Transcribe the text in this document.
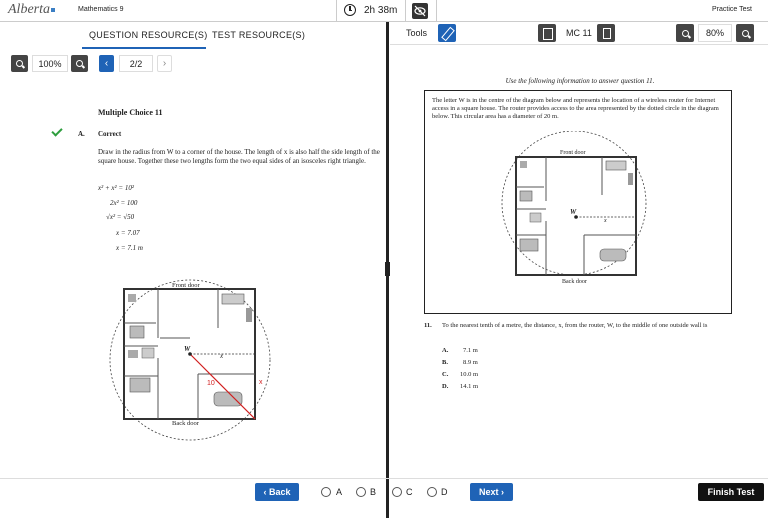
Alberta	Mathematics 9	2h 38m	Practice Test
QUESTION RESOURCE(S) TEST RESOURCE(S)
100%	‹	2/2	›
Multiple Choice 11
A. Correct
Draw in the radius from W to a corner of the house. The length of x is also half the side length of the square house. Together these two lengths form the two equal sides of an isosceles right triangle.
x² + x² = 10²
2x² = 100
√x² = √50
x = 7.07
x = 7.1 m
W
x
10	x
Front door
Back door
Tools	MC 11	80%
Use the following information to answer question 11.
The letter W is in the centre of the diagram below and represents the location of a wireless router for Internet access in a square house. The router provides access to the area represented by the dotted circle in the diagram below. This circular area has a diameter of 20 m.
W
x
Front door
Back door
11. To the nearest tenth of a metre, the distance, x, from the router, W, to the middle of one outside wall is
A. 7.1 m
B. 8.9 m
C. 10.0 m
D. 14.1 m
‹ Back	A	B	C	D	Next ›	Finish Test
